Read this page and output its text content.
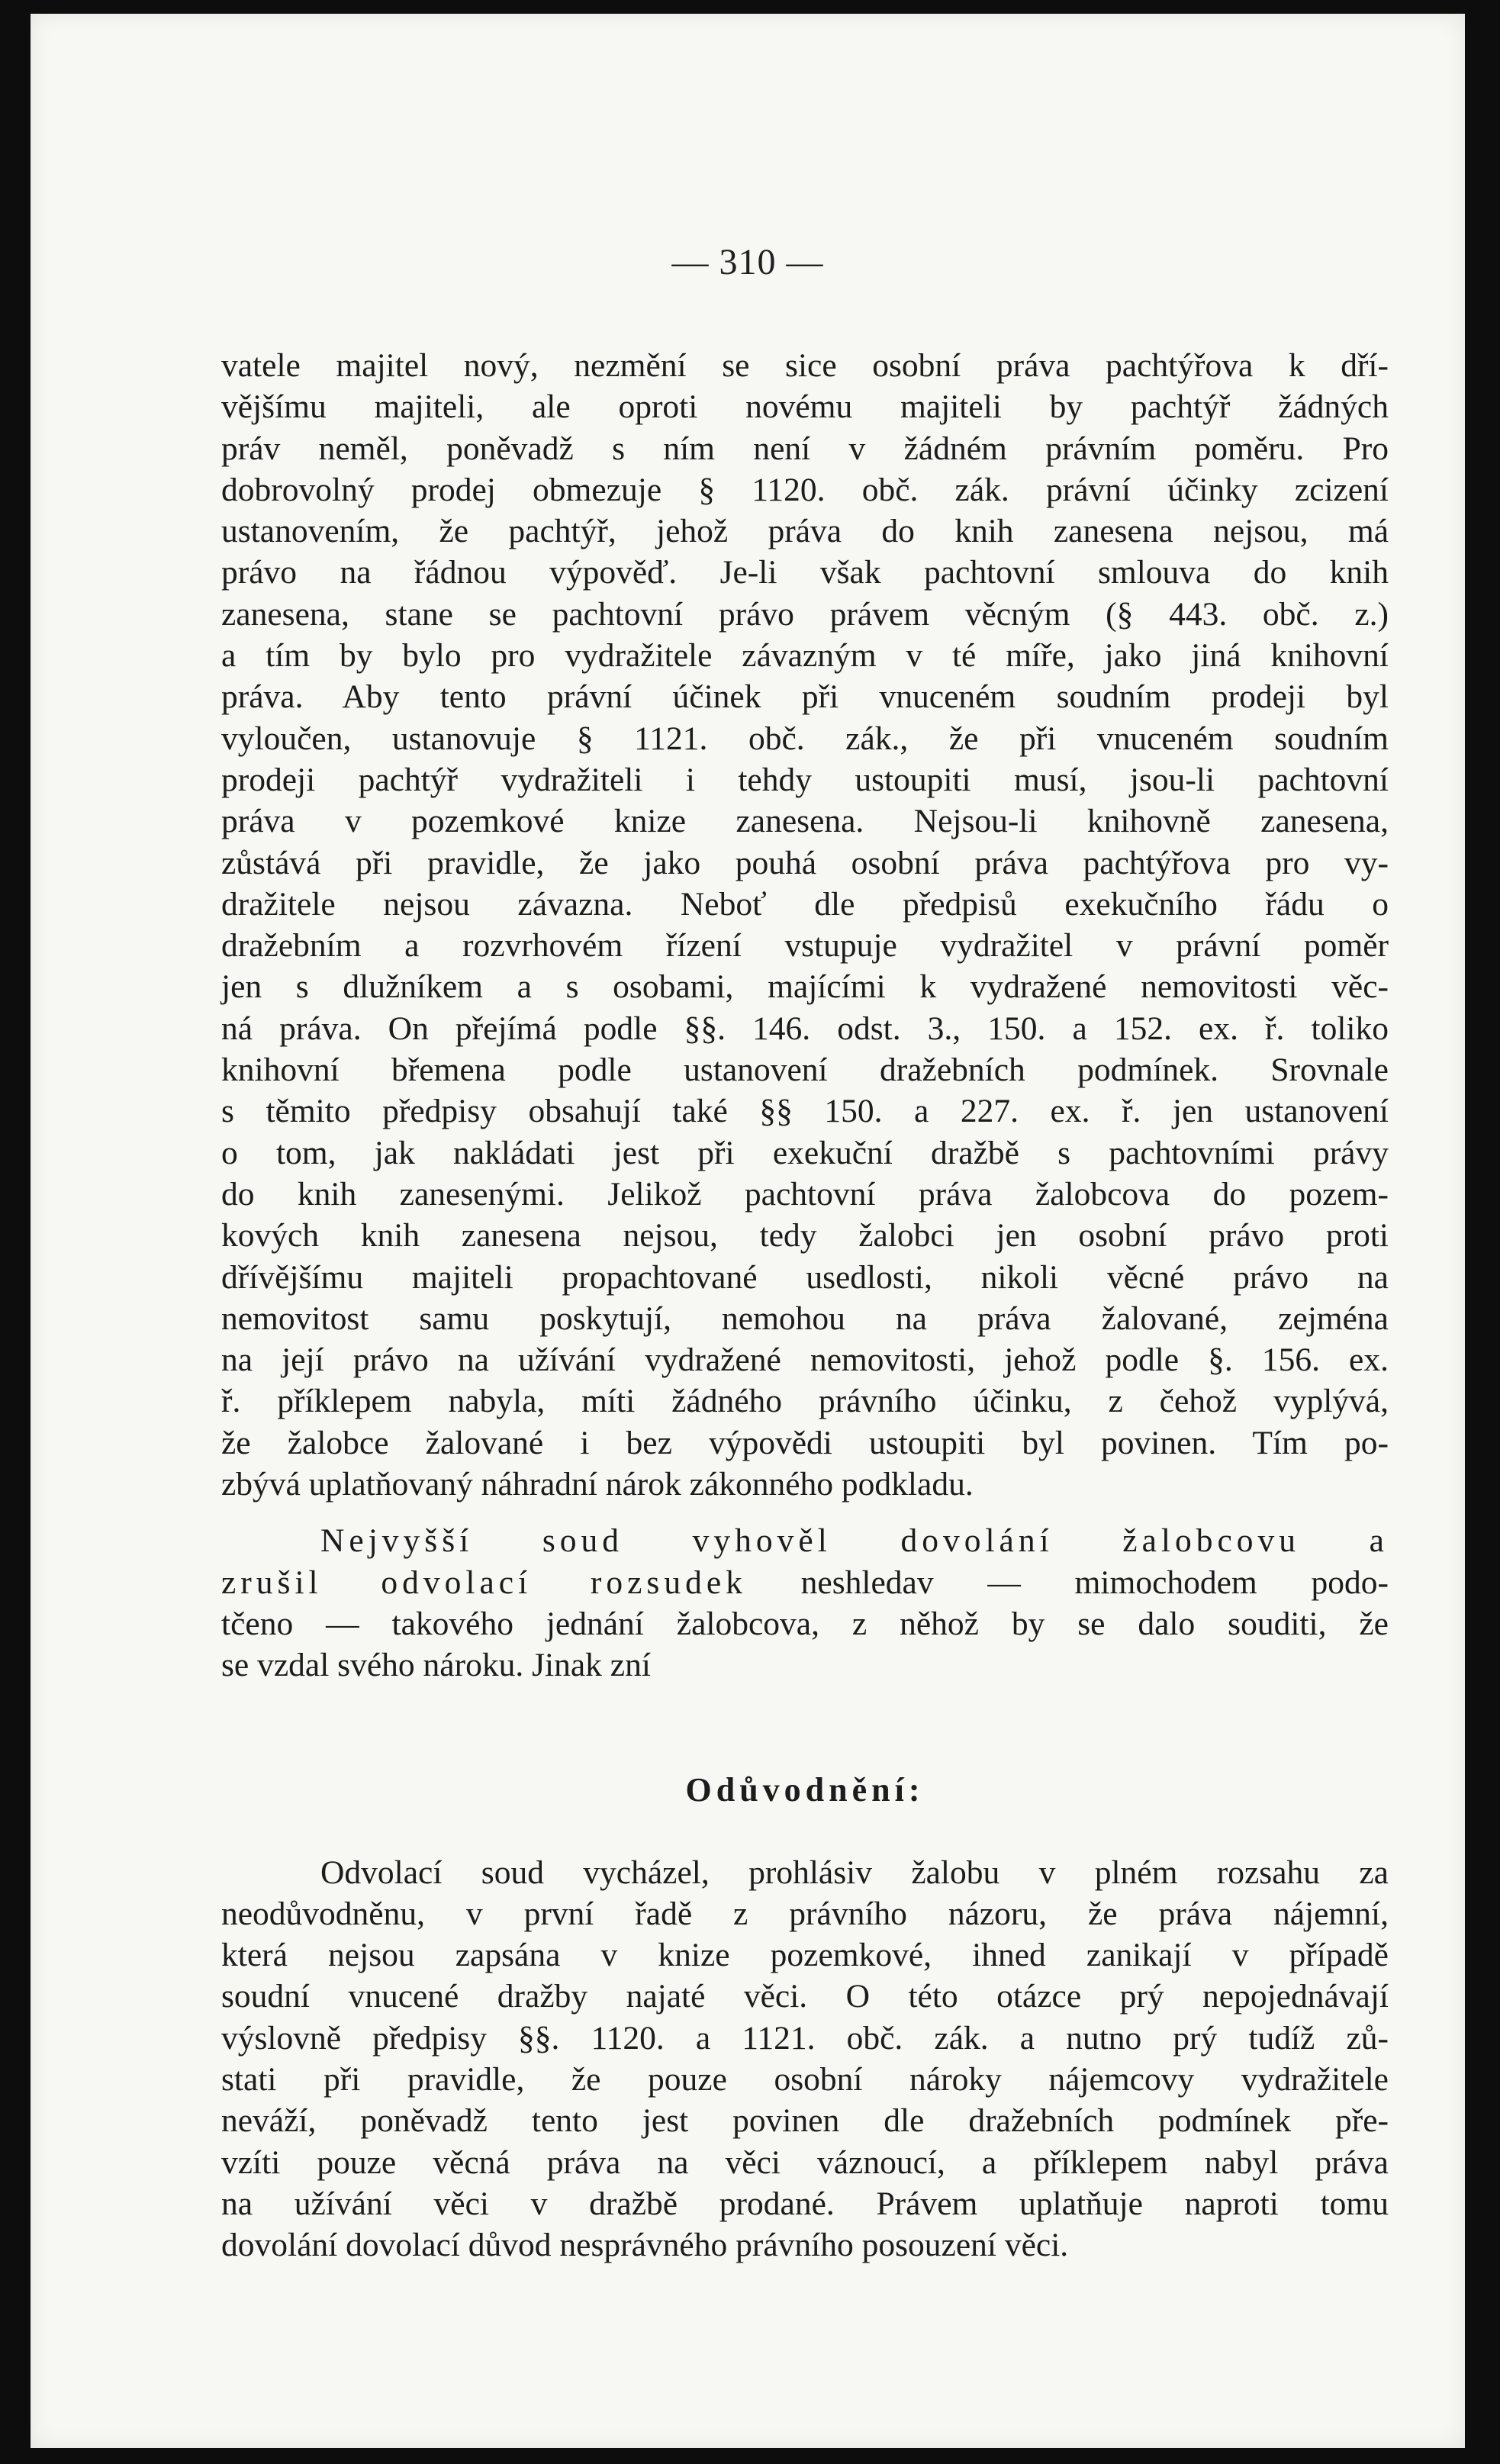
— 310 —

vatele majitel nový, nezmění se sice osobní práva pachtýřova k dří-
vějšímu majiteli, ale oproti novému majiteli by pachtýř žádných
práv neměl, poněvadž s ním není v žádném právním poměru. Pro
dobrovolný prodej obmezuje § 1120. obč. zák. právní účinky zcizení
ustanovením, že pachtýř, jehož práva do knih zanesena nejsou, má
právo na řádnou výpověď. Je-li však pachtovní smlouva do knih
zanesena, stane se pachtovní právo právem věcným (§ 443. obč. z.)
a tím by bylo pro vydražitele závazným v té míře, jako jiná knihovní
práva. Aby tento právní účinek při vnuceném soudním prodeji byl
vyloučen, ustanovuje § 1121. obč. zák., že při vnuceném soudním
prodeji pachtýř vydražiteli i tehdy ustoupiti musí, jsou-li pachtovní
práva v pozemkové knize zanesena. Nejsou-li knihovně zanesena,
zůstává při pravidle, že jako pouhá osobní práva pachtýřova pro vy-
dražitele nejsou závazna. Neboť dle předpisů exekučního řádu o
dražebním a rozvrhovém řízení vstupuje vydražitel v právní poměr
jen s dlužníkem a s osobami, majícími k vydražené nemovitosti věc-
ná práva. On přejímá podle §§. 146. odst. 3., 150. a 152. ex. ř. toliko
knihovní břemena podle ustanovení dražebních podmínek. Srovnale
s těmito předpisy obsahují také §§ 150. a 227. ex. ř. jen ustanovení
o tom, jak nakládati jest při exekuční dražbě s pachtovními právy
do knih zanesenými. Jelikož pachtovní práva žalobcova do pozem-
kových knih zanesena nejsou, tedy žalobci jen osobní právo proti
dřívějšímu majiteli propachtované usedlosti, nikoli věcné právo na
nemovitost samu poskytují, nemohou na práva žalované, zejména
na její právo na užívání vydražené nemovitosti, jehož podle §. 156. ex.
ř. příklepem nabyla, míti žádného právního účinku, z čehož vyplývá,
že žalobce žalované i bez výpovědi ustoupiti byl povinen. Tím po-
zbývá uplatňovaný náhradní nárok zákonného podkladu.

Nejvyšší soud vyhověl dovolání žalobcovu a
zrušil odvolací rozsudek neshledav — mimochodem podo-
tčeno — takového jednání žalobcova, z něhož by se dalo souditi, že
se vzdal svého nároku. Jinak zní

Odůvodnění:

Odvolací soud vycházel, prohlásiv žalobu v plném rozsahu za
neodůvodněnu, v první řadě z právního názoru, že práva nájemní,
která nejsou zapsána v knize pozemkové, ihned zanikají v případě
soudní vnucené dražby najaté věci. O této otázce prý nepojednávají
výslovně předpisy §§. 1120. a 1121. obč. zák. a nutno prý tudíž zů-
stati při pravidle, že pouze osobní nároky nájemcovy vydražitele
neváží, poněvadž tento jest povinen dle dražebních podmínek pře-
vzíti pouze věcná práva na věci váznoucí, a příklepem nabyl práva
na užívání věci v dražbě prodané. Právem uplatňuje naproti tomu
dovolání dovolací důvod nesprávného právního posouzení věci.
